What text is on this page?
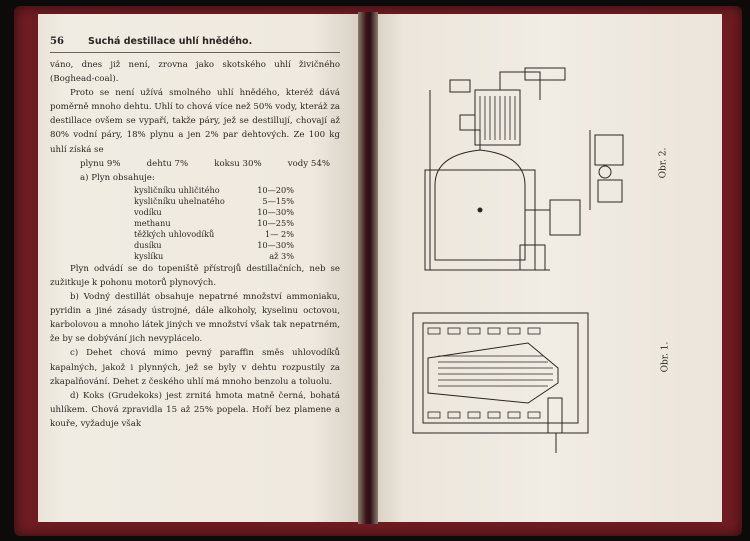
56	Suchá destillace uhlí hnědého.

váno, dnes již není, zrovna jako skotského uhlí živičného (Boghead-coal).

Proto se není užívá smolného uhlí hnědého, kteréž dává poměrně mnoho dehtu. Uhlí to chová více než 50% vody, kteráž za destillace ovšem se vypaří, takže páry, jež se destillují, chovají až 80% vodní páry, 18% plynu a jen 2% par dehtových. Ze 100 kg uhlí získá se

plynu 9%	dehtu 7%	koksu 30%	vody 54%
a) Plyn obsahuje:
kysličníku uhličitého	10—20%
kysličníku uhelnatého	5—15%
vodíku	10—30%
methanu	10—25%
těžkých uhlovodíků	1— 2%
dusíku	10—30%
kyslíku	až 3%

Plyn odvádí se do topeniště přístrojů destillačních, neb se zužitkuje k pohonu motorů plynových.

b) Vodný destillát obsahuje nepatrné množství ammoniaku, pyridin a jiné zásady ústrojné, dále alkoholy, kyselinu octovou, karbolovou a mnoho látek jiných ve množství však tak nepatrném, že by se dobývání jich nevyplácelo.

c) Dehet chová mimo pevný paraffin směs uhlovodíků kapalných, jakož i plynných, jež se byly v dehtu rozpustily za zkapalňování. Dehet z českého uhlí má mnoho benzolu a toluolu.

d) Koks (Grudekoks) jest zrnitá hmota matně černá, bohatá uhlíkem. Chová zpravidla 15 až 25% popela. Hoří bez plamene a kouře, vyžaduje však

Obr. 2.
Obr. 1.
